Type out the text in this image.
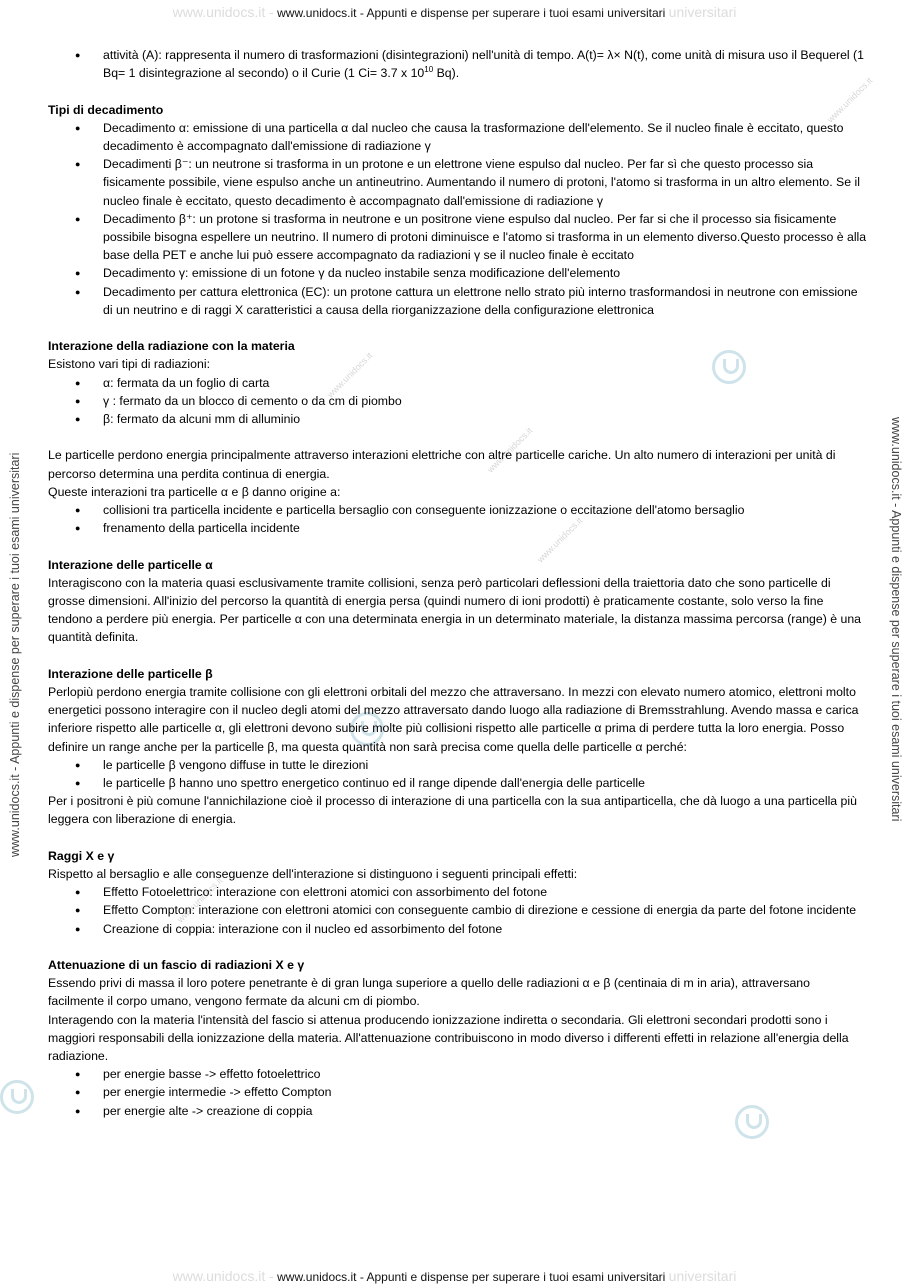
www.unidocs.it - www.unidocs.it - Appunti e dispense per superare i tuoi esami universitari universitari
www.unidocs.it - www.unidocs.it - Appunti e dispense per superare i tuoi esami universitari universitari
www.unidocs.it - Appunti e dispense per superare i tuoi esami universitari	www.unidocs.it - Appunti e dispense per superare i tuoi esami universitari
www.unidocs.it
www.unidocs.it
www.unidocs.it
www.unidocs.it
www.unidocs.it
● attività (A): rappresenta il numero di trasformazioni (disintegrazioni) nell'unità di tempo. A(t)= λ× N(t), come unità di misura uso il Bequerel (1 Bq= 1 disintegrazione al secondo) o il Curie (1 Ci= 3.7 x $10^{10}$ Bq).
Tipi di decadimento
● Decadimento α: emissione di una particella α dal nucleo che causa la trasformazione dell'elemento. Se il nucleo finale è eccitato, questo decadimento è accompagnato dall'emissione di radiazione γ
● Decadimenti β⁻: un neutrone si trasforma in un protone e un elettrone viene espulso dal nucleo. Per far sì che questo processo sia fisicamente possibile, viene espulso anche un antineutrino. Aumentando il numero di protoni, l'atomo si trasforma in un altro elemento. Se il nucleo finale è eccitato, questo decadimento è accompagnato dall'emissione di radiazione γ
● Decadimento β⁺: un protone si trasforma in neutrone e un positrone viene espulso dal nucleo. Per far si che il processo sia fisicamente possibile bisogna espellere un neutrino. Il numero di protoni diminuisce e l'atomo si trasforma in un elemento diverso.Questo processo è alla base della PET e anche lui può essere accompagnato da radiazioni γ se il nucleo finale è eccitato
● Decadimento γ: emissione di un fotone γ da nucleo instabile senza modificazione dell'elemento
● Decadimento per cattura elettronica (EC): un protone cattura un elettrone nello strato più interno trasformandosi in neutrone con emissione di un neutrino e di raggi X caratteristici a causa della riorganizzazione della configurazione elettronica
Interazione della radiazione con la materia

Esistono vari tipi di radiazioni:

● α: fermata da un foglio di carta
● γ : fermato da un blocco di cemento o da cm di piombo
● β: fermato da alcuni mm di alluminio

Le particelle perdono energia principalmente attraverso interazioni elettriche con altre particelle cariche. Un alto numero di interazioni per unità di percorso determina una perdita continua di energia.

Queste interazioni tra particelle α e β danno origine a:

● collisioni tra particella incidente e particella bersaglio con conseguente ionizzazione o eccitazione dell'atomo bersaglio
● frenamento della particella incidente
Interazione delle particelle α

Interagiscono con la materia quasi esclusivamente tramite collisioni, senza però particolari deflessioni della traiettoria dato che sono particelle di grosse dimensioni. All'inizio del percorso la quantità di energia persa (quindi numero di ioni prodotti) è praticamente costante, solo verso la fine tendono a perdere più energia. Per particelle α con una determinata energia in un determinato materiale, la distanza massima percorsa (range) è una quantità definita.

Interazione delle particelle β

Perlopiù perdono energia tramite collisione con gli elettroni orbitali del mezzo che attraversano. In mezzi con elevato numero atomico, elettroni molto energetici possono interagire con il nucleo degli atomi del mezzo attraversato dando luogo alla radiazione di Bremsstrahlung. Avendo massa e carica inferiore rispetto alle particelle α, gli elettroni devono subire molte più collisioni rispetto alle particelle α prima di perdere tutta la loro energia. Posso definire un range anche per la particelle β, ma questa quantità non sarà precisa come quella delle particelle α perché:

● le particelle β vengono diffuse in tutte le direzioni
● le particelle β hanno uno spettro energetico continuo ed il range dipende dall'energia delle particelle

Per i positroni è più comune l'annichilazione cioè il processo di interazione di una particella con la sua antiparticella, che dà luogo a una particella più leggera con liberazione di energia.

Raggi X e γ

Rispetto al bersaglio e alle conseguenze dell'interazione si distinguono i seguenti principali effetti:

● Effetto Fotoelettrico: interazione con elettroni atomici con assorbimento del fotone
● Effetto Compton: interazione con elettroni atomici con conseguente cambio di direzione e cessione di energia da parte del fotone incidente
● Creazione di coppia: interazione con il nucleo ed assorbimento del fotone
Attenuazione di un fascio di radiazioni X e γ

Essendo privi di massa il loro potere penetrante è di gran lunga superiore a quello delle radiazioni α e β (centinaia di m in aria), attraversano facilmente il corpo umano, vengono fermate da alcuni cm di piombo.

Interagendo con la materia l'intensità del fascio si attenua producendo ionizzazione indiretta o secondaria. Gli elettroni secondari prodotti sono i maggiori responsabili della ionizzazione della materia. All'attenuazione contribuiscono in modo diverso i differenti effetti in relazione all'energia della radiazione.

● per energie basse -> effetto fotoelettrico
● per energie intermedie -> effetto Compton
● per energie alte -> creazione di coppia
